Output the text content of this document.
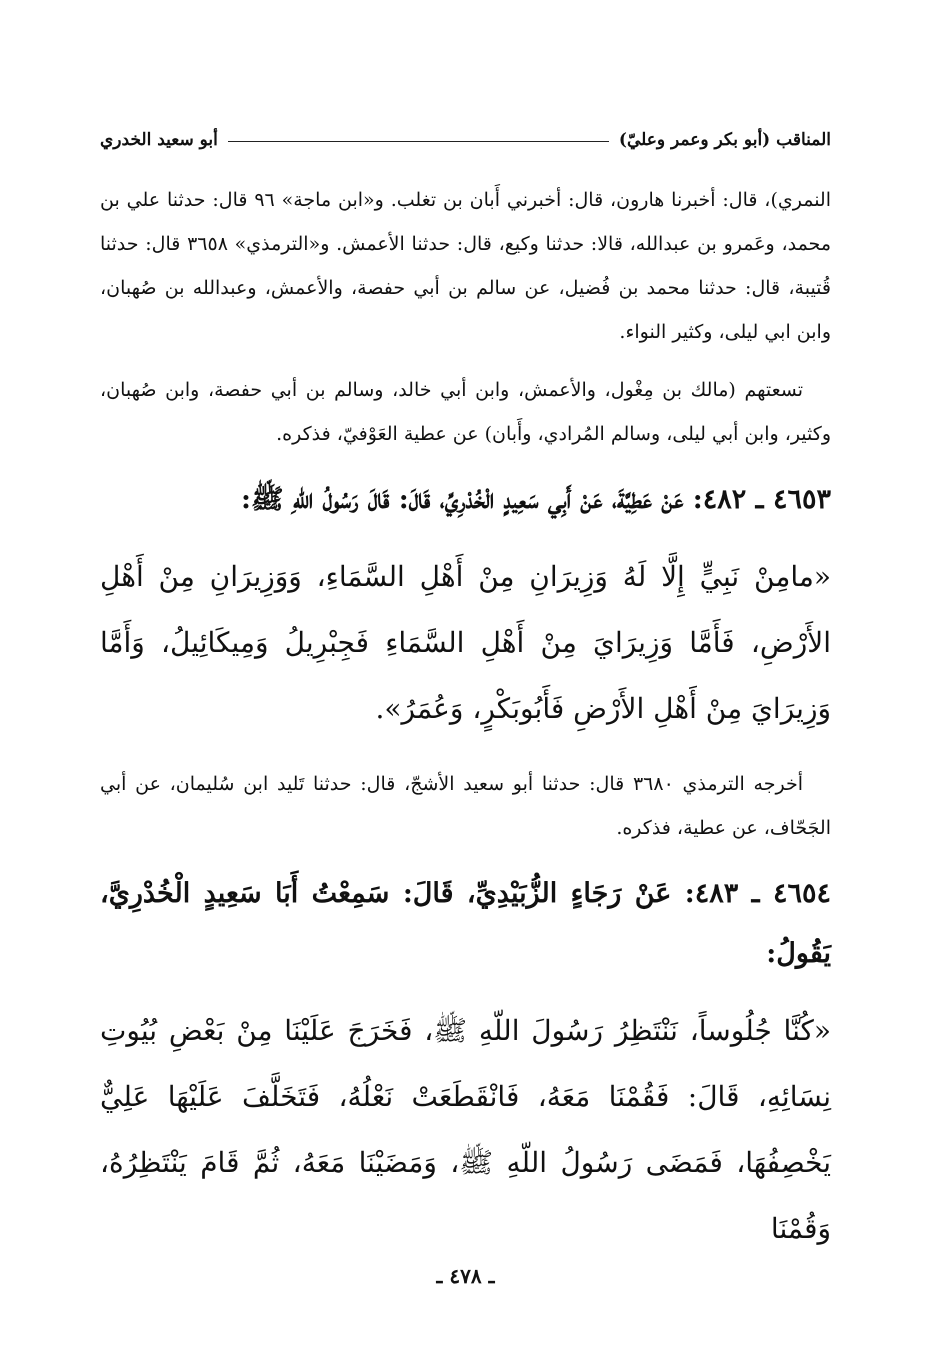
المناقب (أبو بكر وعمر وعليّ)
أبو سعيد الخدري

النمري)، قال: أخبرنا هارون، قال: أخبرني أَبان بن تغلب. و«ابن ماجة» ٩٦ قال: حدثنا علي بن محمد، وعَمرو بن عبدالله، قالا: حدثنا وكيع، قال: حدثنا الأعمش. و«الترمذي» ٣٦٥٨ قال: حدثنا قُتيبة، قال: حدثنا محمد بن فُضيل، عن سالم بن أبي حفصة، والأعمش، وعبدالله بن صُهبان، وابن ابي ليلى، وكثير النواء.

تسعتهم (مالك بن مِغْول، والأعمش، وابن أبي خالد، وسالم بن أبي حفصة، وابن صُهبان، وكثير، وابن أبي ليلى، وسالم المُرادي، وأَبان) عن عطية العَوْفيّ، فذكره.

٤٦٥٣ ـ ٤٨٢: عَنْ عَطِيَّةَ، عَنْ أَبِي سَعِيدٍ الْخُدْرِيِّ، قَالَ: قَالَ رَسُولُ اللّهِ ﷺ:

«مامِنْ نَبِيٍّ إِلَّا لَهُ وَزِيرَانِ مِنْ أَهْلِ السَّمَاءِ، وَوَزِيرَانِ مِنْ أَهْلِ الأَرْضِ، فَأَمَّا وَزِيرَايَ مِنْ أَهْلِ السَّمَاءِ فَجِبْرِيلُ وَمِيكَائِيلُ، وَأَمَّا وَزِيرَايَ مِنْ أَهْلِ الأَرْضِ فَأَبُوبَكْرٍ، وَعُمَرُ».

أخرجه الترمذي ٣٦٨٠ قال: حدثنا أبو سعيد الأشجّ، قال: حدثنا تَليد ابن سُليمان، عن أبي الجَحّاف، عن عطية، فذكره.

٤٦٥٤ ـ ٤٨٣: عَنْ رَجَاءٍ الزُّبَيْدِيِّ، قَالَ: سَمِعْتُ أَبَا سَعِيدٍ الْخُدْرِيَّ، يَقُولُ:

«كُنَّا جُلُوساً، نَنْتَظِرُ رَسُولَ اللّهِ ﷺ، فَخَرَجَ عَلَيْنَا مِنْ بَعْضِ بُيُوتِ نِسَائِهِ، قَالَ: فَقُمْنَا مَعَهُ، فَانْقَطَعَتْ نَعْلُهُ، فَتَخَلَّفَ عَلَيْهَا عَلِيٌّ يَخْصِفُهَا، فَمَضَى رَسُولُ اللّهِ ﷺ، وَمَضَيْنَا مَعَهُ، ثُمَّ قَامَ يَنْتَظِرُهُ، وَقُمْنَا

ـ ٤٧٨ ـ
